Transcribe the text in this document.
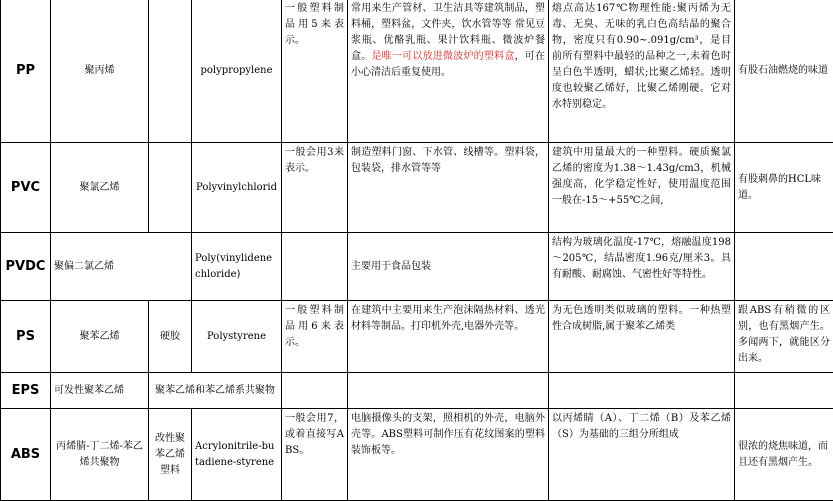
PP	聚丙烯		polypropylene	一般塑料制品用5来表示。	常用来生产管材、卫生洁具等建筑制品，塑料桶，塑料盆，文件夹，饮水管等等 常见豆浆瓶、优酪乳瓶、果汁饮料瓶、微波炉餐盒。是唯一可以放进微波炉的塑料盒，可在小心清洁后重复使用。	熔点高达167℃物理性能:聚丙烯为无毒、无臭、无味的乳白色高结晶的聚合物，密度只有0.90~.091g/cm³，是目前所有塑料中最轻的品种之一,未着色时呈白色半透明，蜡状;比聚乙烯轻。透明度也较聚乙烯好，比聚乙烯刚硬。它对水特别稳定。	有股石油燃烧的味道
PVC	聚氯乙烯		Polyvinylchlorid	一般会用3来表示。	制造塑料门窗、下水管、线槽等。塑料袋，包装袋，排水管等等	建筑中用量最大的一种塑料。硬质聚氯乙烯的密度为1.38～1.43g/cm3，机械强度高，化学稳定性好，使用温度范围一般在-15～+55℃之间,	有股刺鼻的HCL味道。
PVDC	聚偏二氯乙烯		Poly(vinylidene chloride)		主要用于食品包装	结构为玻璃化温度-17℃，熔融温度198～205℃，结晶密度1.96克/厘米3。具有耐酸、耐腐蚀、气密性好等特性。	
PS	聚苯乙烯	硬胶	Polystyrene	一般塑料制品用6来表示。	在建筑中主要用来生产泡沫隔热材料、透光材料等制品。打印机外壳,电器外壳等。	为无色透明类似玻璃的塑料。一种热塑性合成树脂,属于聚苯乙烯类	跟ABS有稍微的区别，也有黑烟产生。多闻两下，就能区分出来。
EPS	可发性聚苯乙烯	聚苯乙烯和苯乙烯系共聚物					
ABS	丙烯腈-丁二烯-苯乙烯共聚物	改性聚苯乙烯塑料	Acrylonitrile-butadiene-styrene	一般会用7，或着直接写ABS。	电脑摄像头的支架，照相机的外壳，电脑外壳等。ABS塑料可制作压有花纹图案的塑料装饰板等。	以丙烯睛（A）、丁二烯（B）及苯乙烯（S）为基础的三组分所组成	很浓的烧焦味道，而且还有黑烟产生。
